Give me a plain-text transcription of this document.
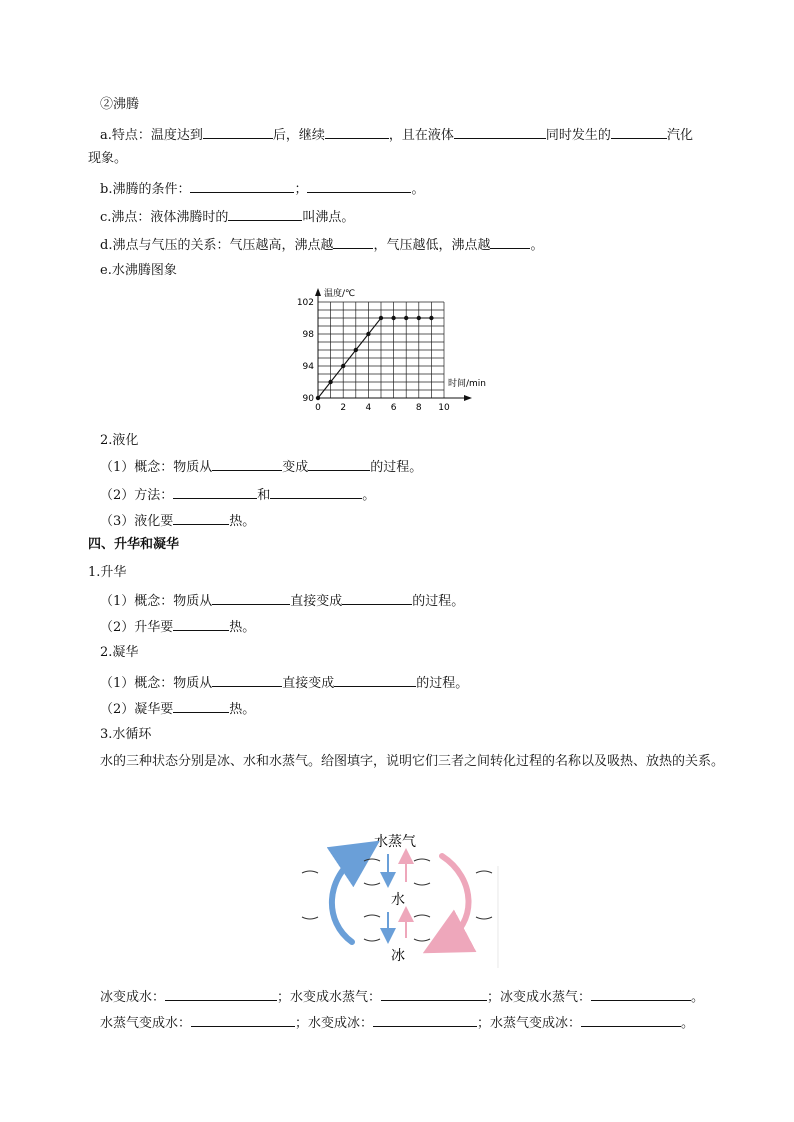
②沸腾
a.特点：温度达到	后，继续	，且在液体	同时发生的	汽化
现象。
b.沸腾的条件：	；	。
c.沸点：液体沸腾时的	叫沸点。
d.沸点与气压的关系：气压越高，沸点越	，气压越低，沸点越	。
e.水沸腾图象
温度/℃
时间/min
0 2 4 6 8 10
90
94
98
102
2.液化
（1）概念：物质从	变成	的过程。
（2）方法：	和	。
（3）液化要	热。
四、升华和凝华
1.升华
（1）概念：物质从	直接变成	的过程。
（2）升华要	热。
2.凝华
（1）概念：物质从	直接变成	的过程。
（2）凝华要	热。
3.水循环
水的三种状态分别是冰、水和水蒸气。给图填字，说明它们三者之间转化过程的名称以及吸热、放热的关系。
水蒸气
水
冰
冰变成水：	；水变成水蒸气：	；冰变成水蒸气：	。
水蒸气变成水：	；水变成冰：	；水蒸气变成冰：	。
